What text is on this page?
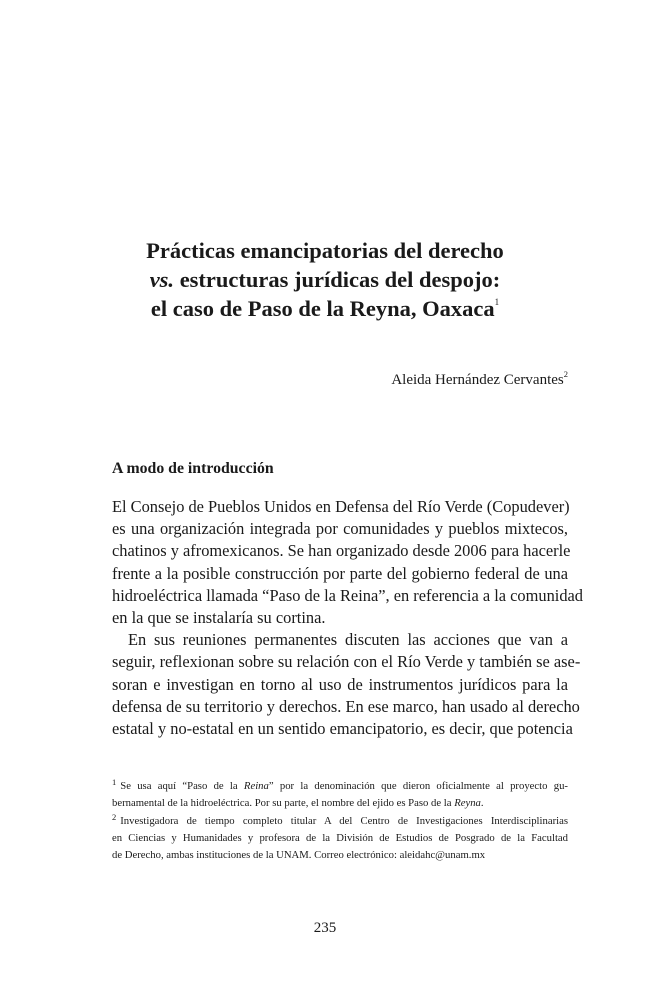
Prácticas emancipatorias del derecho
vs. estructuras jurídicas del despojo:
el caso de Paso de la Reyna, Oaxaca$^1$
Aleida Hernández Cervantes$^2$
A modo de introducción
El Consejo de Pueblos Unidos en Defensa del Río Verde (Copudever)
es una organización integrada por comunidades y pueblos mixtecos,
chatinos y afromexicanos. Se han organizado desde 2006 para hacerle
frente a la posible construcción por parte del gobierno federal de una
hidroeléctrica llamada “Paso de la Reina”, en referencia a la comunidad
en la que se instalaría su cortina.
En sus reuniones permanentes discuten las acciones que van a
seguir, reflexionan sobre su relación con el Río Verde y también se ase-
soran e investigan en torno al uso de instrumentos jurídicos para la
defensa de su territorio y derechos. En ese marco, han usado al derecho
estatal y no-estatal en un sentido emancipatorio, es decir, que potencia
$^1$ Se usa aquí “Paso de la Reina” por la denominación que dieron oficialmente al proyecto gu-
bernamental de la hidroeléctrica. Por su parte, el nombre del ejido es Paso de la Reyna.
$^2$ Investigadora de tiempo completo titular A del Centro de Investigaciones Interdisciplinarias
en Ciencias y Humanidades y profesora de la División de Estudios de Posgrado de la Facultad
de Derecho, ambas instituciones de la UNAM. Correo electrónico: aleidahc@unam.mx
235
